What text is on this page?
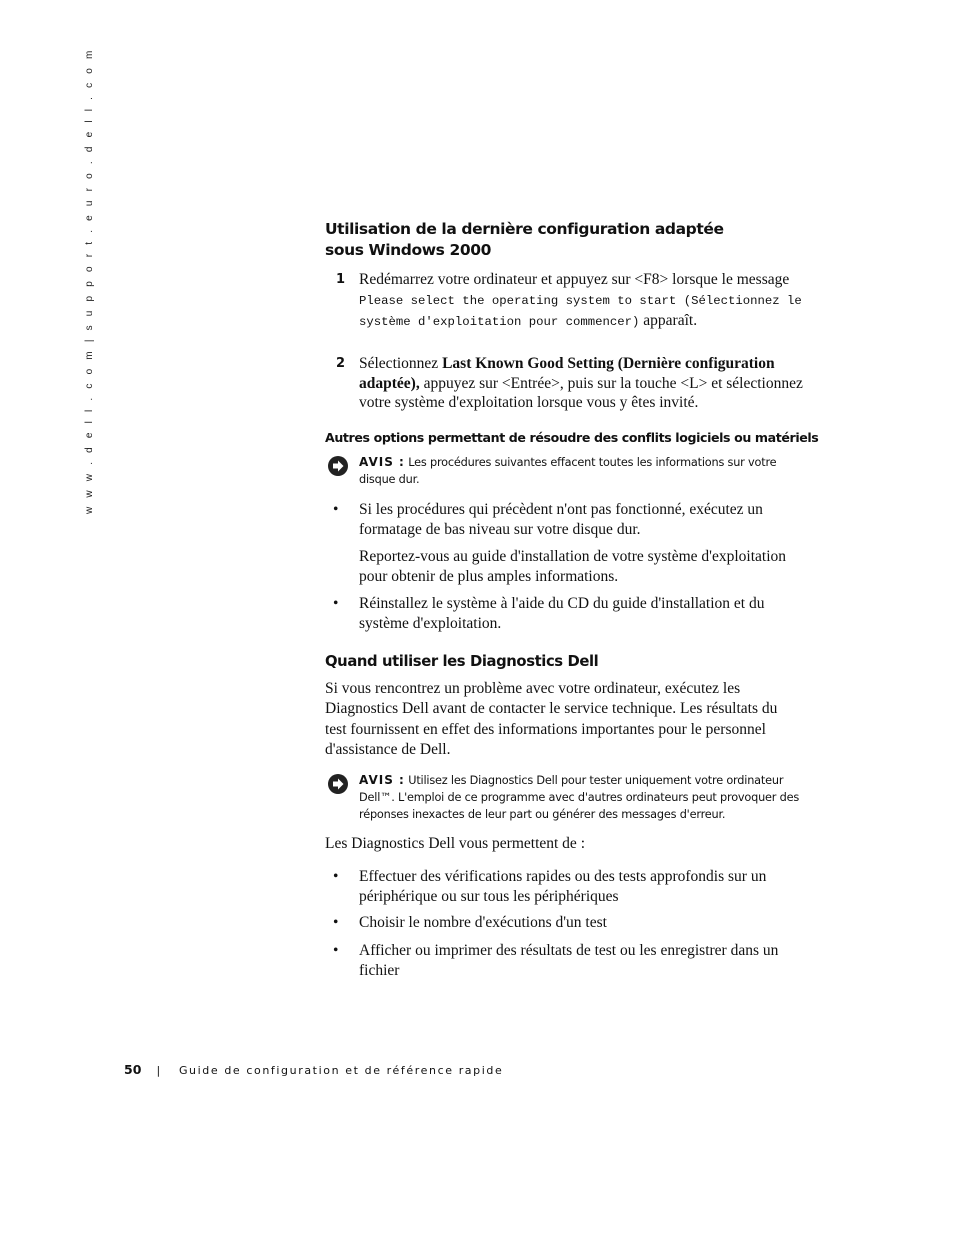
w w w . d e l l . c o m | s u p p o r t . e u r o . d e l l . c o m	Utilisation de la dernière configuration adaptée sous Windows 2000
1 Redémarrez votre ordinateur et appuyez sur <F8> lorsque le message Please select the operating system to start (Sélectionnez le système d'exploitation pour commencer) apparaît.
2 Sélectionnez Last Known Good Setting (Dernière configuration adaptée), appuyez sur <Entrée>, puis sur la touche <L> et sélectionnez votre système d'exploitation lorsque vous y êtes invité.
Autres options permettant de résoudre des conflits logiciels ou matériels
AVIS : Les procédures suivantes effacent toutes les informations sur votre disque dur.
• Si les procédures qui précèdent n'ont pas fonctionné, exécutez un formatage de bas niveau sur votre disque dur.
Reportez-vous au guide d'installation de votre système d'exploitation pour obtenir de plus amples informations.
• Réinstallez le système à l'aide du CD du guide d'installation et du système d'exploitation.
Quand utiliser les Diagnostics Dell
Si vous rencontrez un problème avec votre ordinateur, exécutez les Diagnostics Dell avant de contacter le service technique. Les résultats du test fournissent en effet des informations importantes pour le personnel d'assistance de Dell.
AVIS : Utilisez les Diagnostics Dell pour tester uniquement votre ordinateur Dell™. L'emploi de ce programme avec d'autres ordinateurs peut provoquer des réponses inexactes de leur part ou générer des messages d'erreur.
Les Diagnostics Dell vous permettent de :
• Effectuer des vérifications rapides ou des tests approfondis sur un périphérique ou sur tous les périphériques
• Choisir le nombre d'exécutions d'un test
• Afficher ou imprimer des résultats de test ou les enregistrer dans un fichier
50 | Guide de configuration et de référence rapide
